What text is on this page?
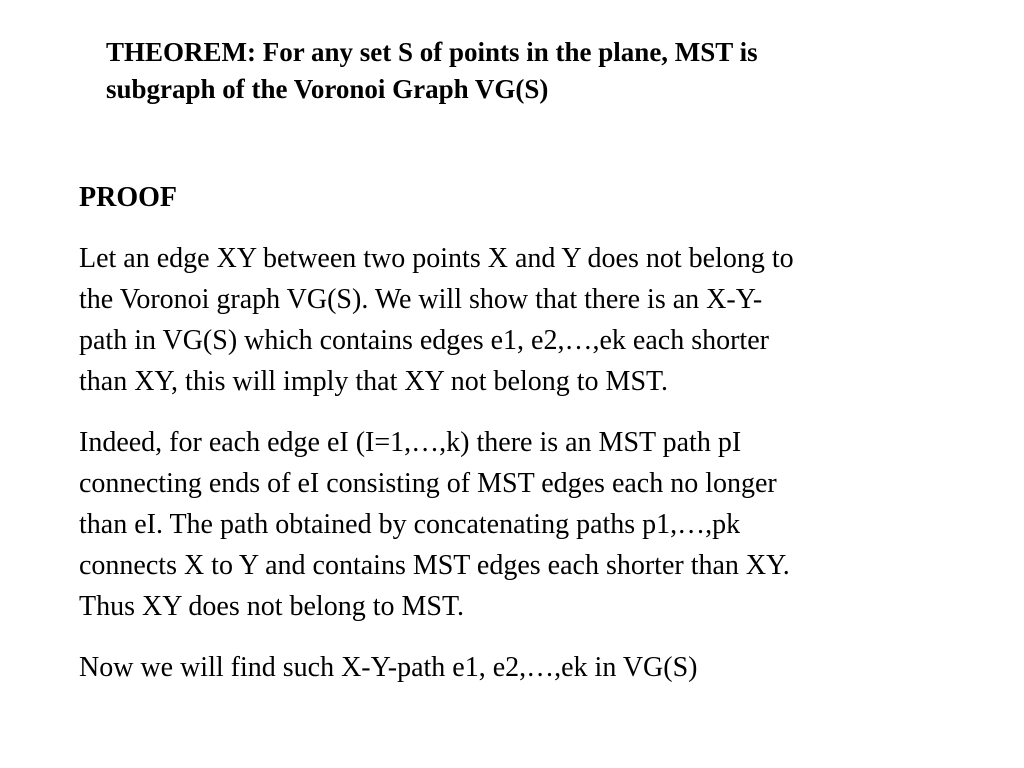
THEOREM: For any set S of points in the plane, MST is
subgraph of the Voronoi Graph VG(S)

PROOF

Let an edge XY between two points X and Y does not belong to
the Voronoi graph VG(S). We will show that there is an X-Y-
path in VG(S) which contains edges e1, e2,…,ek each shorter
than XY, this will imply that XY not belong to MST.

Indeed, for each edge eI (I=1,…,k) there is an MST path pI
connecting ends of eI consisting of MST edges each no longer
than eI. The path obtained by concatenating paths p1,…,pk
connects X to Y and contains MST edges each shorter than XY.
Thus XY does not belong to MST.

Now we will find such X-Y-path e1, e2,…,ek in VG(S)
